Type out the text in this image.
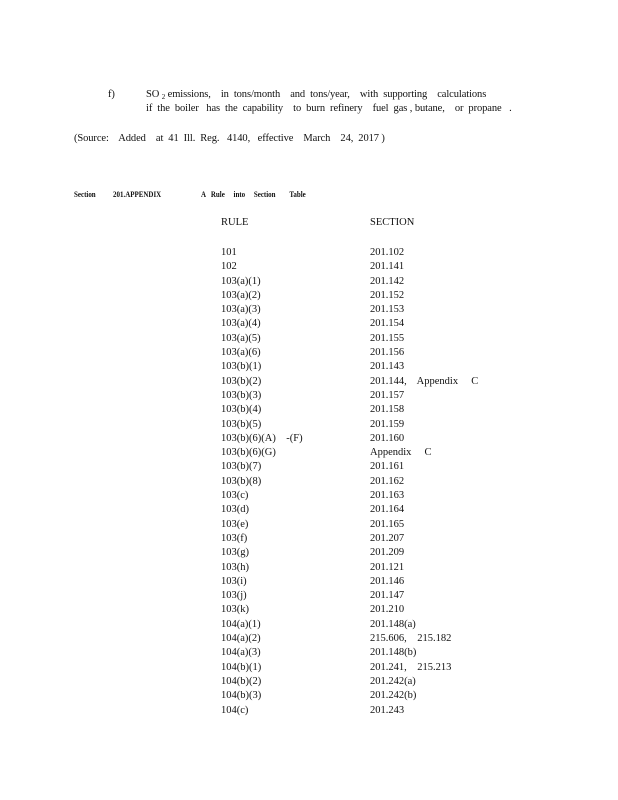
f)	SO $_2$ emissions,    in  tons/month    and  tons/year,    with  supporting    calculations
if  the  boiler   has  the  capability    to  burn  refinery    fuel  gas , butane,    or  propane   .
(Source:    Added    at  41  Ill.  Reg.   4140,   effective    March    24,  2017 )
Section 201.APPENDIX	A   Rule     into     Section        Table
RULE	SECTION
101	201.102
102	201.141
103(a)(1)	201.142
103(a)(2)	201.152
103(a)(3)	201.153
103(a)(4)	201.154
103(a)(5)	201.155
103(a)(6)	201.156
103(b)(1)	201.143
103(b)(2)	201.144,    Appendix     C
103(b)(3)	201.157
103(b)(4)	201.158
103(b)(5)	201.159
103(b)(6)(A)    -(F)	201.160
103(b)(6)(G)	Appendix     C
103(b)(7)	201.161
103(b)(8)	201.162
103(c)	201.163
103(d)	201.164
103(e)	201.165
103(f)	201.207
103(g)	201.209
103(h)	201.121
103(i)	201.146
103(j)	201.147
103(k)	201.210
104(a)(1)	201.148(a)
104(a)(2)	215.606,    215.182
104(a)(3)	201.148(b)
104(b)(1)	201.241,    215.213
104(b)(2)	201.242(a)
104(b)(3)	201.242(b)
104(c)	201.243
